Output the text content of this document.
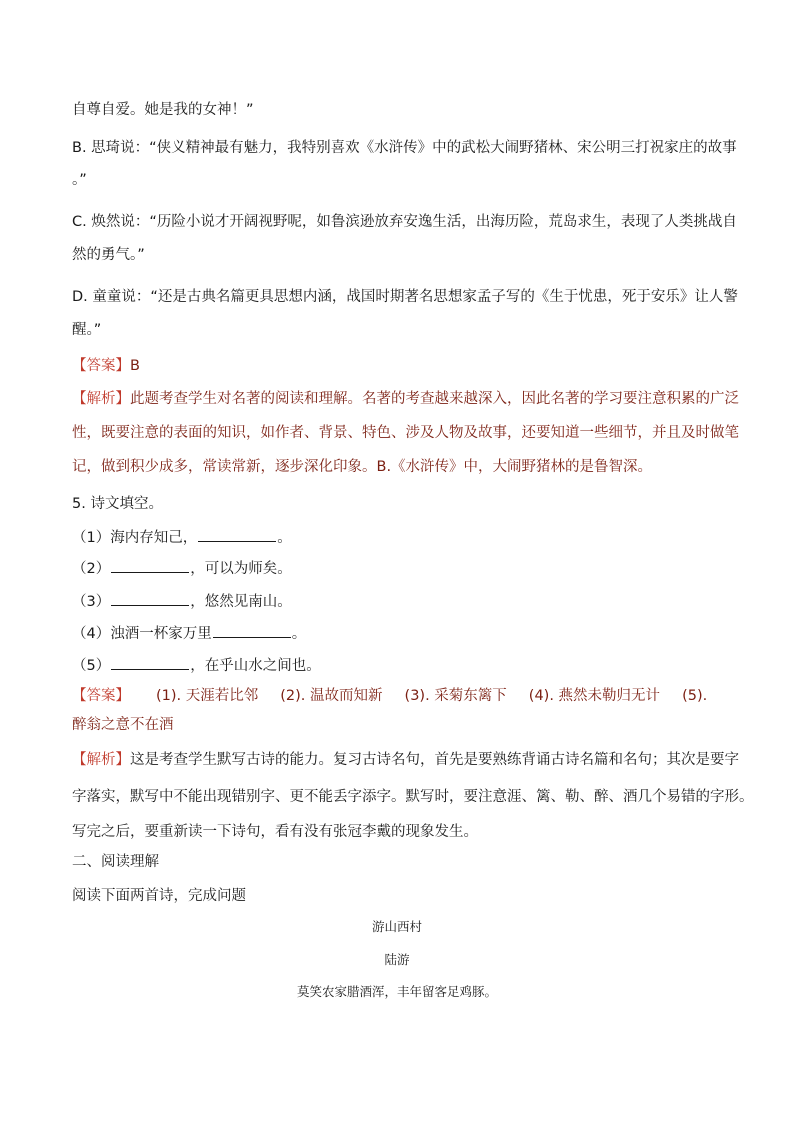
自尊自爱。她是我的女神！”
B. 思琦说：“侠义精神最有魅力，我特别喜欢《水浒传》中的武松大闹野猪林、宋公明三打祝家庄的故事
。”
C. 焕然说：“历险小说才开阔视野呢，如鲁滨逊放弃安逸生活，出海历险，荒岛求生，表现了人类挑战自
然的勇气。”
D. 童童说：“还是古典名篇更具思想内涵，战国时期著名思想家孟子写的《生于忧患，死于安乐》让人警
醒。”
【答案】B
【解析】此题考查学生对名著的阅读和理解。名著的考查越来越深入，因此名著的学习要注意积累的广泛
性，既要注意的表面的知识，如作者、背景、特色、涉及人物及故事，还要知道一些细节，并且及时做笔
记，做到积少成多，常读常新，逐步深化印象。B.《水浒传》中，大闹野猪林的是鲁智深。
5. 诗文填空。
（1）海内存知己，	。
（2）	，可以为师矣。
（3）	，悠然见南山。
（4）浊酒一杯家万里	。
（5）	，在乎山水之间也。
【答案】 (1). 天涯若比邻 (2). 温故而知新 (3). 采菊东篱下 (4). 燕然未勒归无计 (5).
醉翁之意不在酒
【解析】这是考查学生默写古诗的能力。复习古诗名句，首先是要熟练背诵古诗名篇和名句；其次是要字
字落实，默写中不能出现错别字、更不能丢字添字。默写时，要注意涯、篱、勒、醉、酒几个易错的字形。
写完之后，要重新读一下诗句，看有没有张冠李戴的现象发生。
二、阅读理解
阅读下面两首诗，完成问题
游山西村
陆游
莫笑农家腊酒浑，丰年留客足鸡豚。
